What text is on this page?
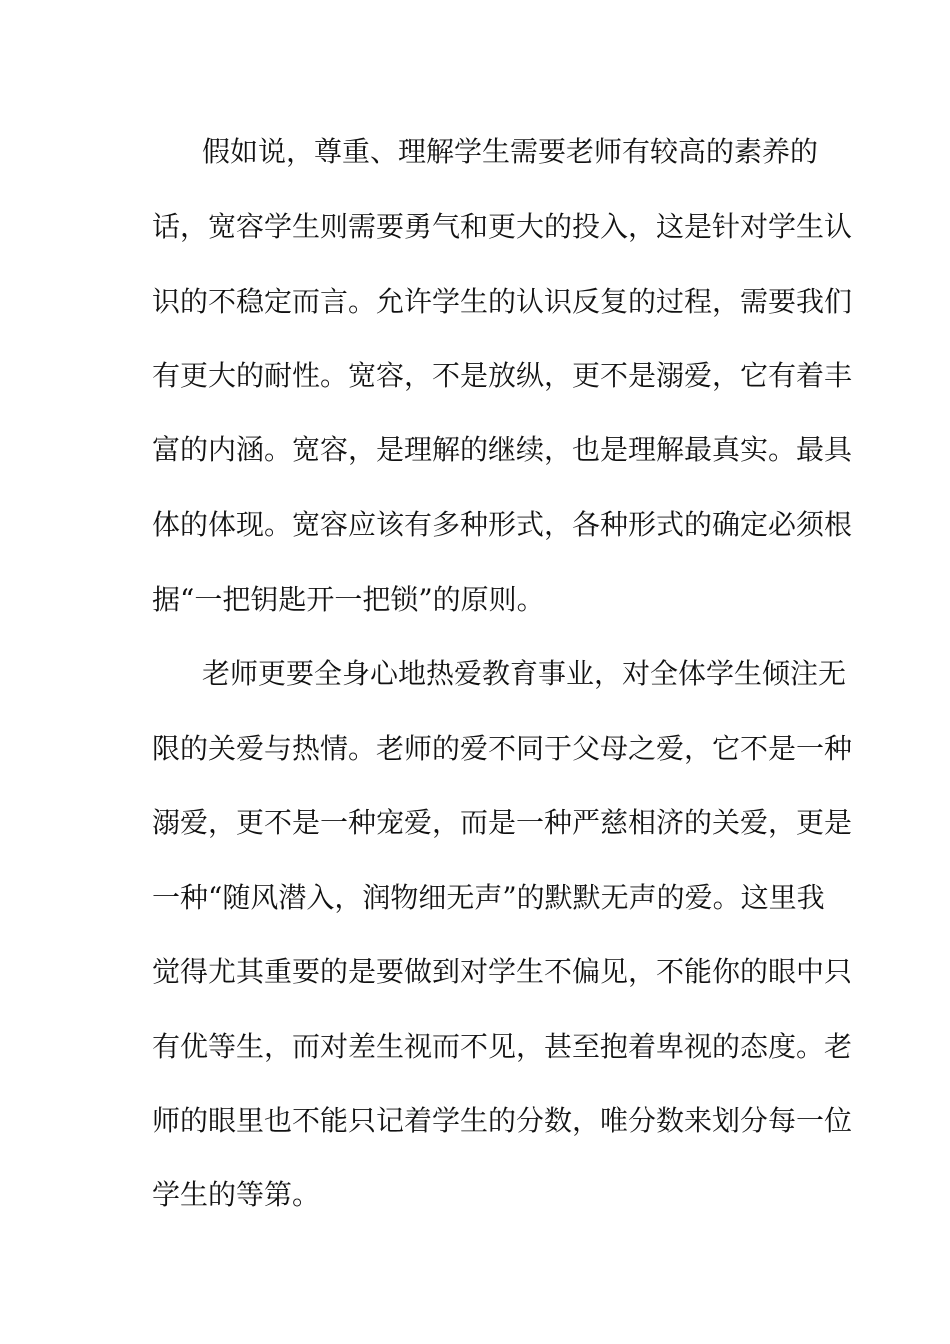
假如说，尊重、理解学生需要老师有较高的素养的
话，宽容学生则需要勇气和更大的投入，这是针对学生认
识的不稳定而言。允许学生的认识反复的过程，需要我们
有更大的耐性。宽容，不是放纵，更不是溺爱，它有着丰
富的内涵。宽容，是理解的继续，也是理解最真实。最具
体的体现。宽容应该有多种形式，各种形式的确定必须根
据“一把钥匙开一把锁”的原则。
老师更要全身心地热爱教育事业，对全体学生倾注无
限的关爱与热情。老师的爱不同于父母之爱，它不是一种
溺爱，更不是一种宠爱，而是一种严慈相济的关爱，更是
一种“随风潜入，润物细无声”的默默无声的爱。这里我
觉得尤其重要的是要做到对学生不偏见，不能你的眼中只
有优等生，而对差生视而不见，甚至抱着卑视的态度。老
师的眼里也不能只记着学生的分数，唯分数来划分每一位
学生的等第。
